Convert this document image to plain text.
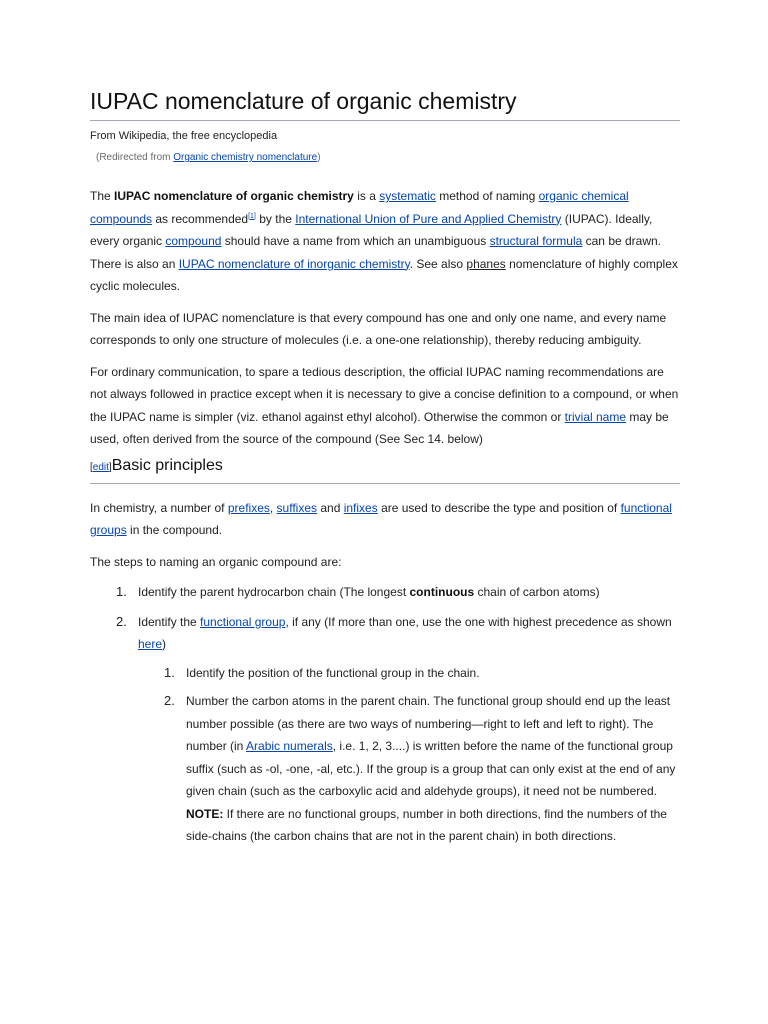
IUPAC nomenclature of organic chemistry
From Wikipedia, the free encyclopedia
(Redirected from Organic chemistry nomenclature)

The IUPAC nomenclature of organic chemistry is a systematic method of naming organic chemical compounds as recommended[1] by the International Union of Pure and Applied Chemistry (IUPAC). Ideally, every organic compound should have a name from which an unambiguous structural formula can be drawn. There is also an IUPAC nomenclature of inorganic chemistry. See also phanes nomenclature of highly complex cyclic molecules.

The main idea of IUPAC nomenclature is that every compound has one and only one name, and every name corresponds to only one structure of molecules (i.e. a one-one relationship), thereby reducing ambiguity.

For ordinary communication, to spare a tedious description, the official IUPAC naming recommendations are not always followed in practice except when it is necessary to give a concise definition to a compound, or when the IUPAC name is simpler (viz. ethanol against ethyl alcohol). Otherwise the common or trivial name may be used, often derived from the source of the compound (See Sec 14. below)

[edit]Basic principles

In chemistry, a number of prefixes, suffixes and infixes are used to describe the type and position of functional groups in the compound.

The steps to naming an organic compound are:

1. Identify the parent hydrocarbon chain (The longest continuous chain of carbon atoms)
2. Identify the functional group, if any (If more than one, use the one with highest precedence as shown here)
1. Identify the position of the functional group in the chain.
2. Number the carbon atoms in the parent chain. The functional group should end up the least number possible (as there are two ways of numbering—right to left and left to right). The number (in Arabic numerals, i.e. 1, 2, 3....) is written before the name of the functional group suffix (such as -ol, -one, -al, etc.). If the group is a group that can only exist at the end of any given chain (such as the carboxylic acid and aldehyde groups), it need not be numbered.
NOTE: If there are no functional groups, number in both directions, find the numbers of the side-chains (the carbon chains that are not in the parent chain) in both directions.
